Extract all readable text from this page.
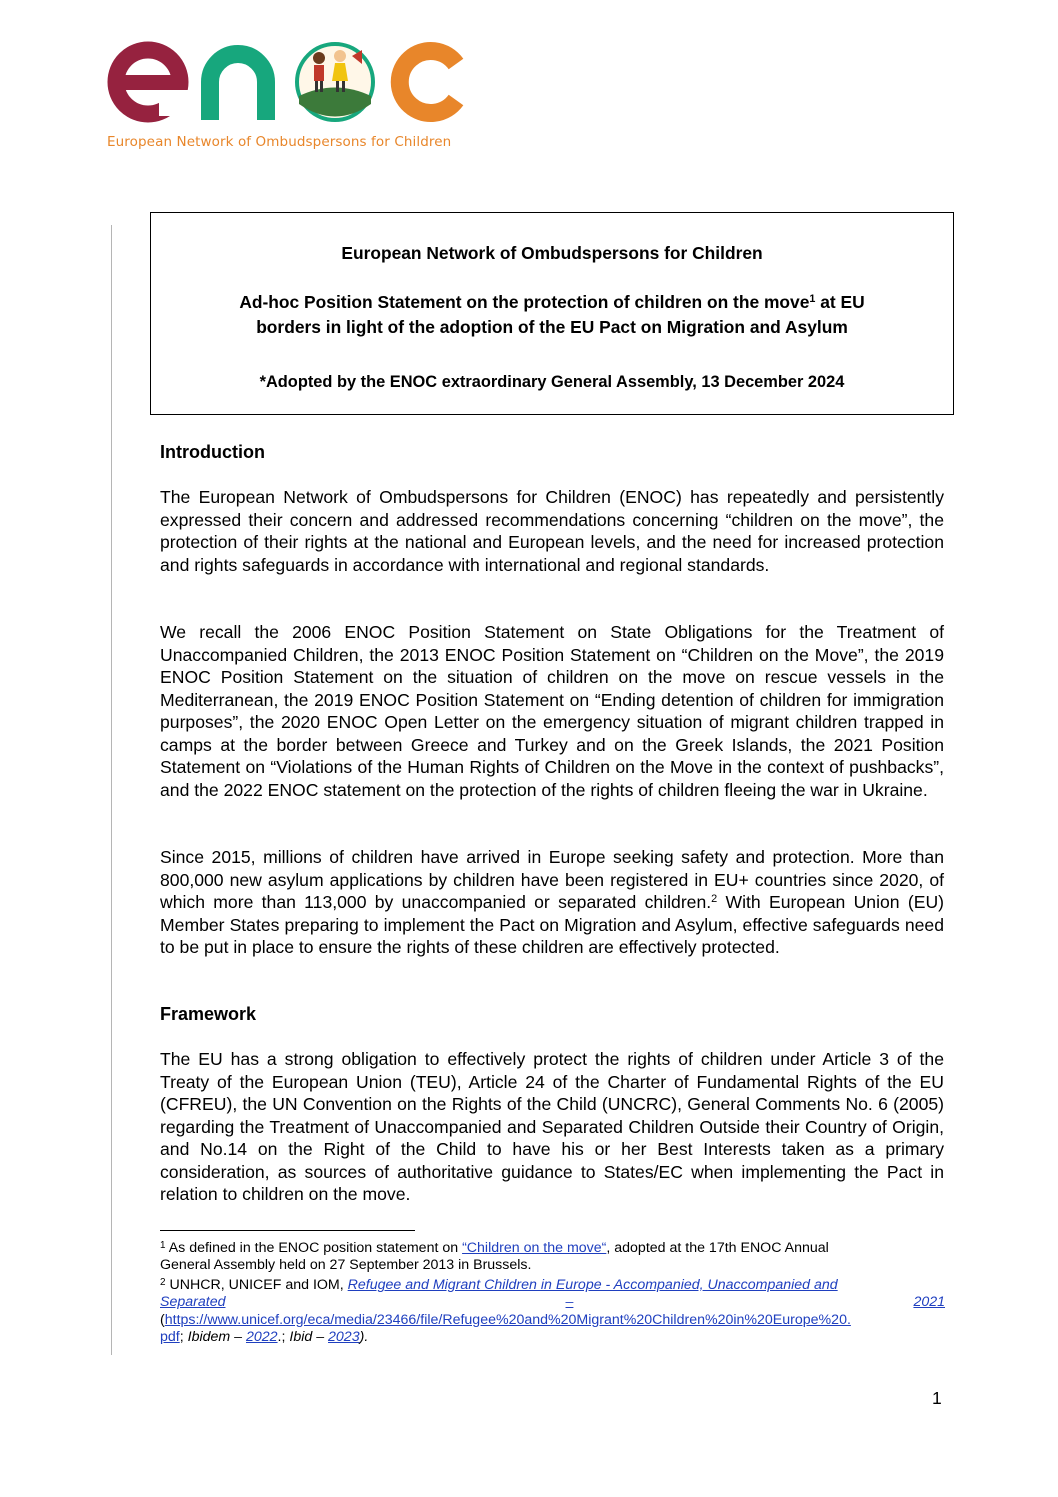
European Network of Ombudspersons for Children
European Network of Ombudspersons for Children
Ad-hoc Position Statement on the protection of children on the move$^1$ at EU
borders in light of the adoption of the EU Pact on Migration and Asylum
*Adopted by the ENOC extraordinary General Assembly, 13 December 2024
Introduction
The European Network of Ombudspersons for Children (ENOC) has repeatedly and persistently expressed their concern and addressed recommendations concerning “children on the move”, the protection of their rights at the national and European levels, and the need for increased protection and rights safeguards in accordance with international and regional standards.
We recall the 2006 ENOC Position Statement on State Obligations for the Treatment of Unaccompanied Children, the 2013 ENOC Position Statement on “Children on the Move”, the 2019 ENOC Position Statement on the situation of children on the move on rescue vessels in the Mediterranean, the 2019 ENOC Position Statement on “Ending detention of children for immigration purposes”, the 2020 ENOC Open Letter on the emergency situation of migrant children trapped in camps at the border between Greece and Turkey and on the Greek Islands, the 2021 Position Statement on “Violations of the Human Rights of Children on the Move in the context of pushbacks”, and the 2022 ENOC statement on the protection of the rights of children fleeing the war in Ukraine.
Since 2015, millions of children have arrived in Europe seeking safety and protection. More than 800,000 new asylum applications by children have been registered in EU+ countries since 2020, of which more than 113,000 by unaccompanied or separated children.$^2$ With European Union (EU) Member States preparing to implement the Pact on Migration and Asylum, effective safeguards need to be put in place to ensure the rights of these children are effectively protected.
Framework
The EU has a strong obligation to effectively protect the rights of children under Article 3 of the Treaty of the European Union (TEU), Article 24 of the Charter of Fundamental Rights of the EU (CFREU), the UN Convention on the Rights of the Child (UNCRC), General Comments No. 6 (2005) regarding the Treatment of Unaccompanied and Separated Children Outside their Country of Origin, and No.14 on the Right of the Child to have his or her Best Interests taken as a primary consideration, as sources of authoritative guidance to States/EC when implementing the Pact in relation to children on the move.
$^1$ As defined in the ENOC position statement on “Children on the move“, adopted at the 17th ENOC Annual
General Assembly held on 27 September 2013 in Brussels.
$^2$ UNHCR, UNICEF and IOM, Refugee and Migrant Children in Europe - Accompanied, Unaccompanied and
Separated	–	2021
(https://www.unicef.org/eca/media/23466/file/Refugee%20and%20Migrant%20Children%20in%20Europe%20.
pdf; Ibidem – 2022.; Ibid – 2023).
1
